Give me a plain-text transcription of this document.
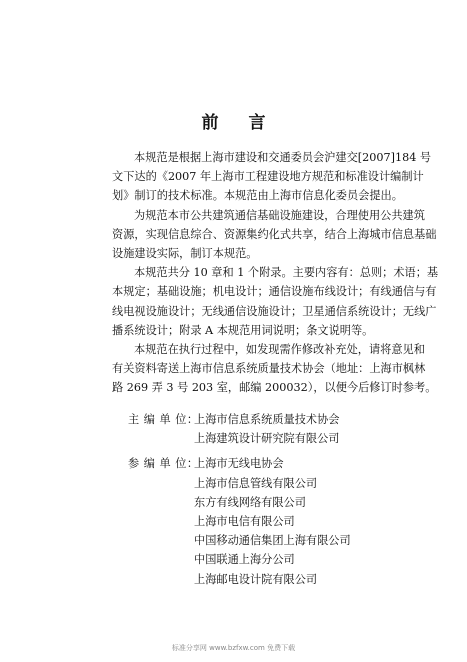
前 言

本规范是根据上海市建设和交通委员会沪建交[2007]184 号
文下达的《2007 年上海市工程建设地方规范和标准设计编制计
划》制订的技术标准。本规范由上海市信息化委员会提出。

为规范本市公共建筑通信基础设施建设，合理使用公共建筑
资源，实现信息综合、资源集约化式共享，结合上海城市信息基础
设施建设实际，制订本规范。

本规范共分 10 章和 1 个附录。主要内容有：总则；术语；基
本规定；基础设施；机电设计；通信设施布线设计；有线通信与有
线电视设施设计；无线通信设施设计；卫星通信系统设计；无线广
播系统设计；附录 A 本规范用词说明；条文说明等。

本规范在执行过程中，如发现需作修改补充处，请将意见和
有关资料寄送上海市信息系统质量技术协会（地址：上海市枫林
路 269 弄 3 号 203 室，邮编 200032），以便今后修订时参考。

主 编 单 位：
上海市信息系统质量技术协会
上海建筑设计研究院有限公司
参 编 单 位：
上海市无线电协会
上海市信息管线有限公司
东方有线网络有限公司
上海市电信有限公司
中国移动通信集团上海有限公司
中国联通上海分公司
上海邮电设计院有限公司
标准分享网 www.bzfxw.com 免费下载
